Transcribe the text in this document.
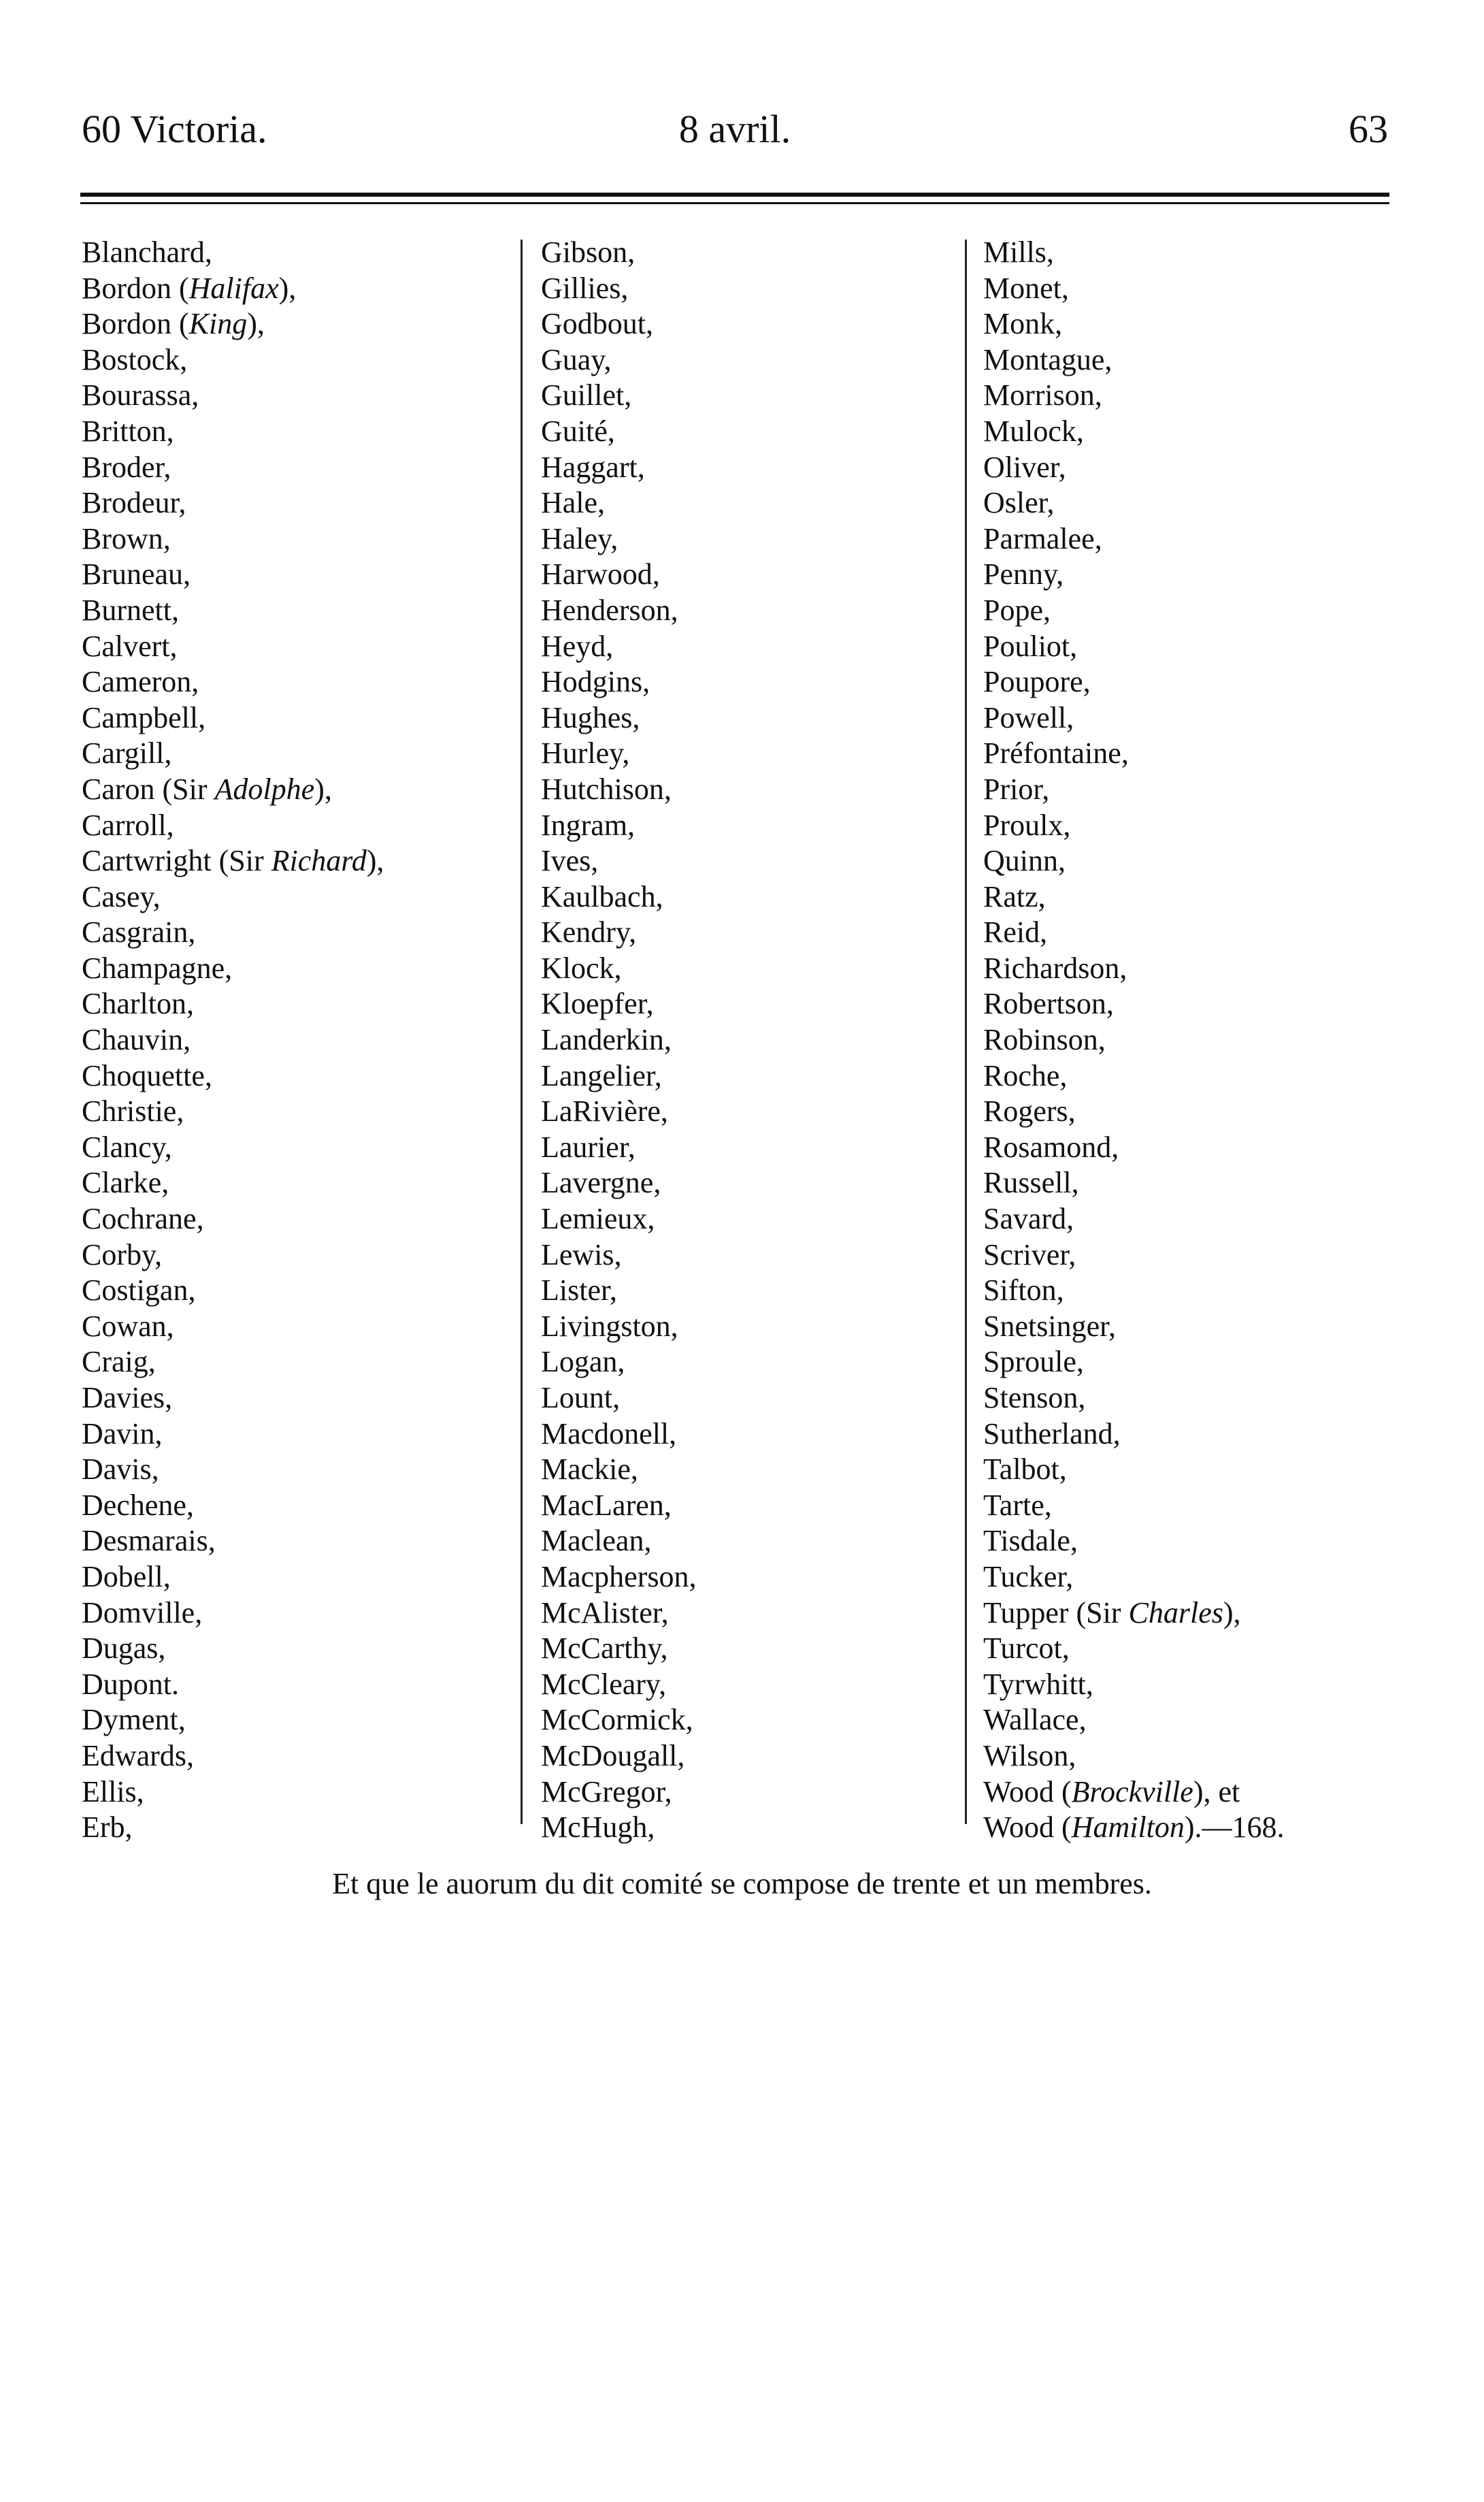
60 Victoria.	8 avril.	63
Blanchard,
Bordon (Halifax),
Bordon (King),
Bostock,
Bourassa,
Britton,
Broder,
Brodeur,
Brown,
Bruneau,
Burnett,
Calvert,
Cameron,
Campbell,
Cargill,
Caron (Sir Adolphe),
Carroll,
Cartwright (Sir Richard),
Casey,
Casgrain,
Champagne,
Charlton,
Chauvin,
Choquette,
Christie,
Clancy,
Clarke,
Cochrane,
Corby,
Costigan,
Cowan,
Craig,
Davies,
Davin,
Davis,
Dechene,
Desmarais,
Dobell,
Domville,
Dugas,
Dupont.
Dyment,
Edwards,
Ellis,
Erb,
Gibson,
Gillies,
Godbout,
Guay,
Guillet,
Guité,
Haggart,
Hale,
Haley,
Harwood,
Henderson,
Heyd,
Hodgins,
Hughes,
Hurley,
Hutchison,
Ingram,
Ives,
Kaulbach,
Kendry,
Klock,
Kloepfer,
Landerkin,
Langelier,
LaRivière,
Laurier,
Lavergne,
Lemieux,
Lewis,
Lister,
Livingston,
Logan,
Lount,
Macdonell,
Mackie,
MacLaren,
Maclean,
Macpherson,
McAlister,
McCarthy,
McCleary,
McCormick,
McDougall,
McGregor,
McHugh,
Mills,
Monet,
Monk,
Montague,
Morrison,
Mulock,
Oliver,
Osler,
Parmalee,
Penny,
Pope,
Pouliot,
Poupore,
Powell,
Préfontaine,
Prior,
Proulx,
Quinn,
Ratz,
Reid,
Richardson,
Robertson,
Robinson,
Roche,
Rogers,
Rosamond,
Russell,
Savard,
Scriver,
Sifton,
Snetsinger,
Sproule,
Stenson,
Sutherland,
Talbot,
Tarte,
Tisdale,
Tucker,
Tupper (Sir Charles),
Turcot,
Tyrwhitt,
Wallace,
Wilson,
Wood (Brockville), et
Wood (Hamilton).—168.
Et que le auorum du dit comité se compose de trente et un membres.
